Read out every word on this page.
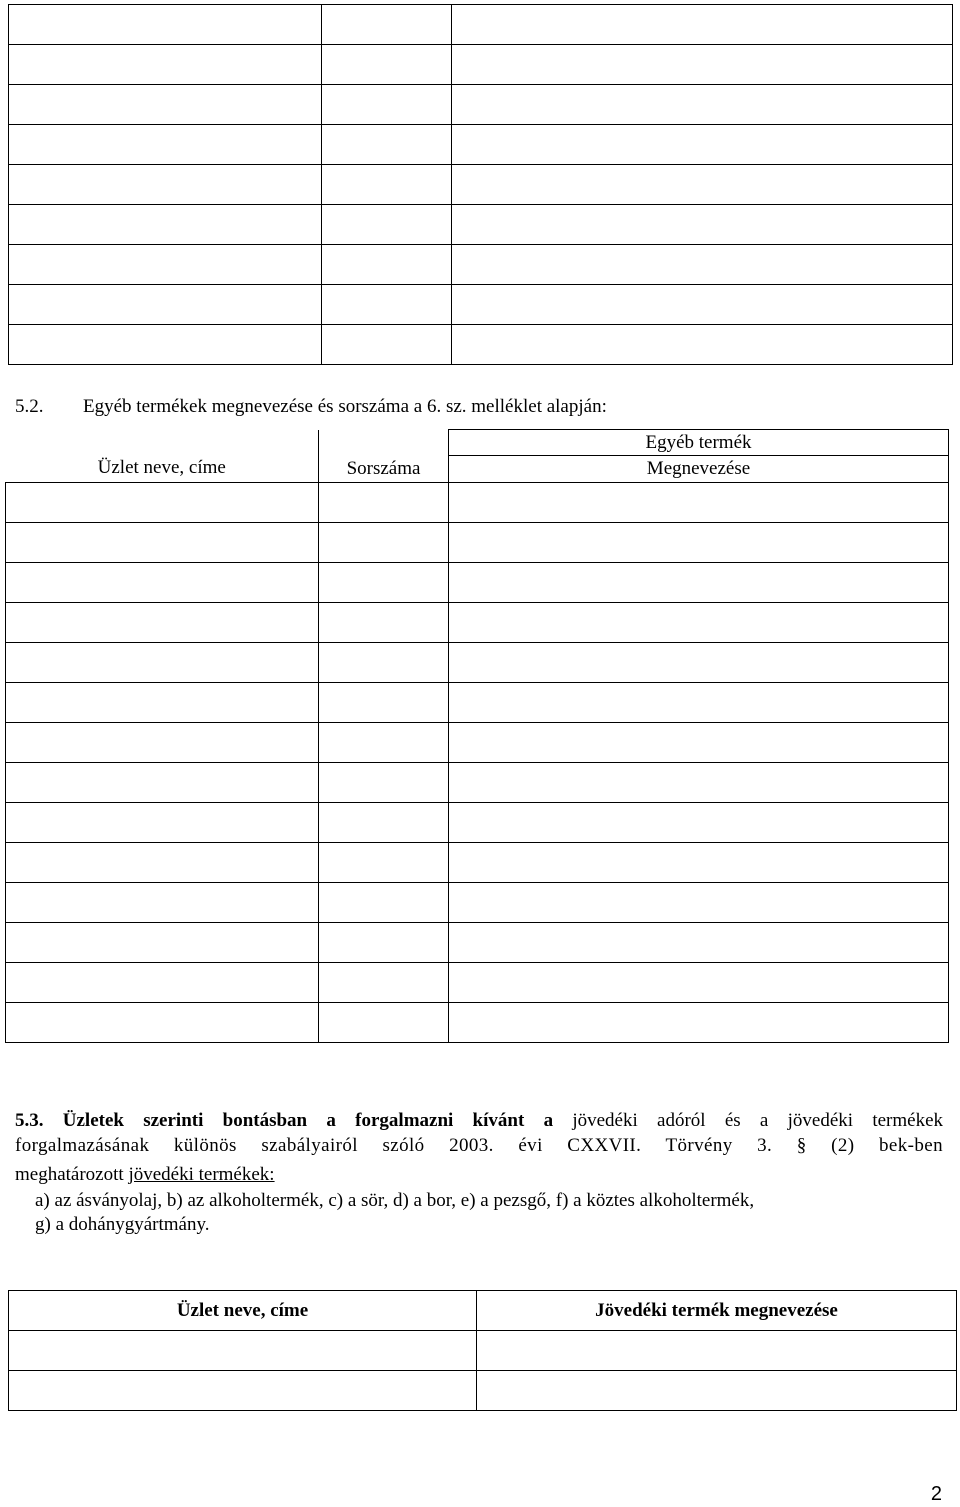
5.2. Egyéb termékek megnevezése és sorszáma a 6. sz. melléklet alapján:
Üzlet neve, címe		Egyéb termék
	Sorszáma	Megnevezése

5.3. Üzletek szerinti bontásban a forgalmazni kívánt a jövedéki adóról és a jövedéki termékek
forgalmazásának különös szabályairól szóló 2003. évi CXXVII. Törvény 3. § (2) bek-ben
meghatározott jövedéki termékek:
a) az ásványolaj, b) az alkoholtermék, c) a sör, d) a bor, e) a pezsgő, f) a köztes alkoholtermék,
g) a dohánygyártmány.
Üzlet neve, címe	Jövedéki termék megnevezése

2
